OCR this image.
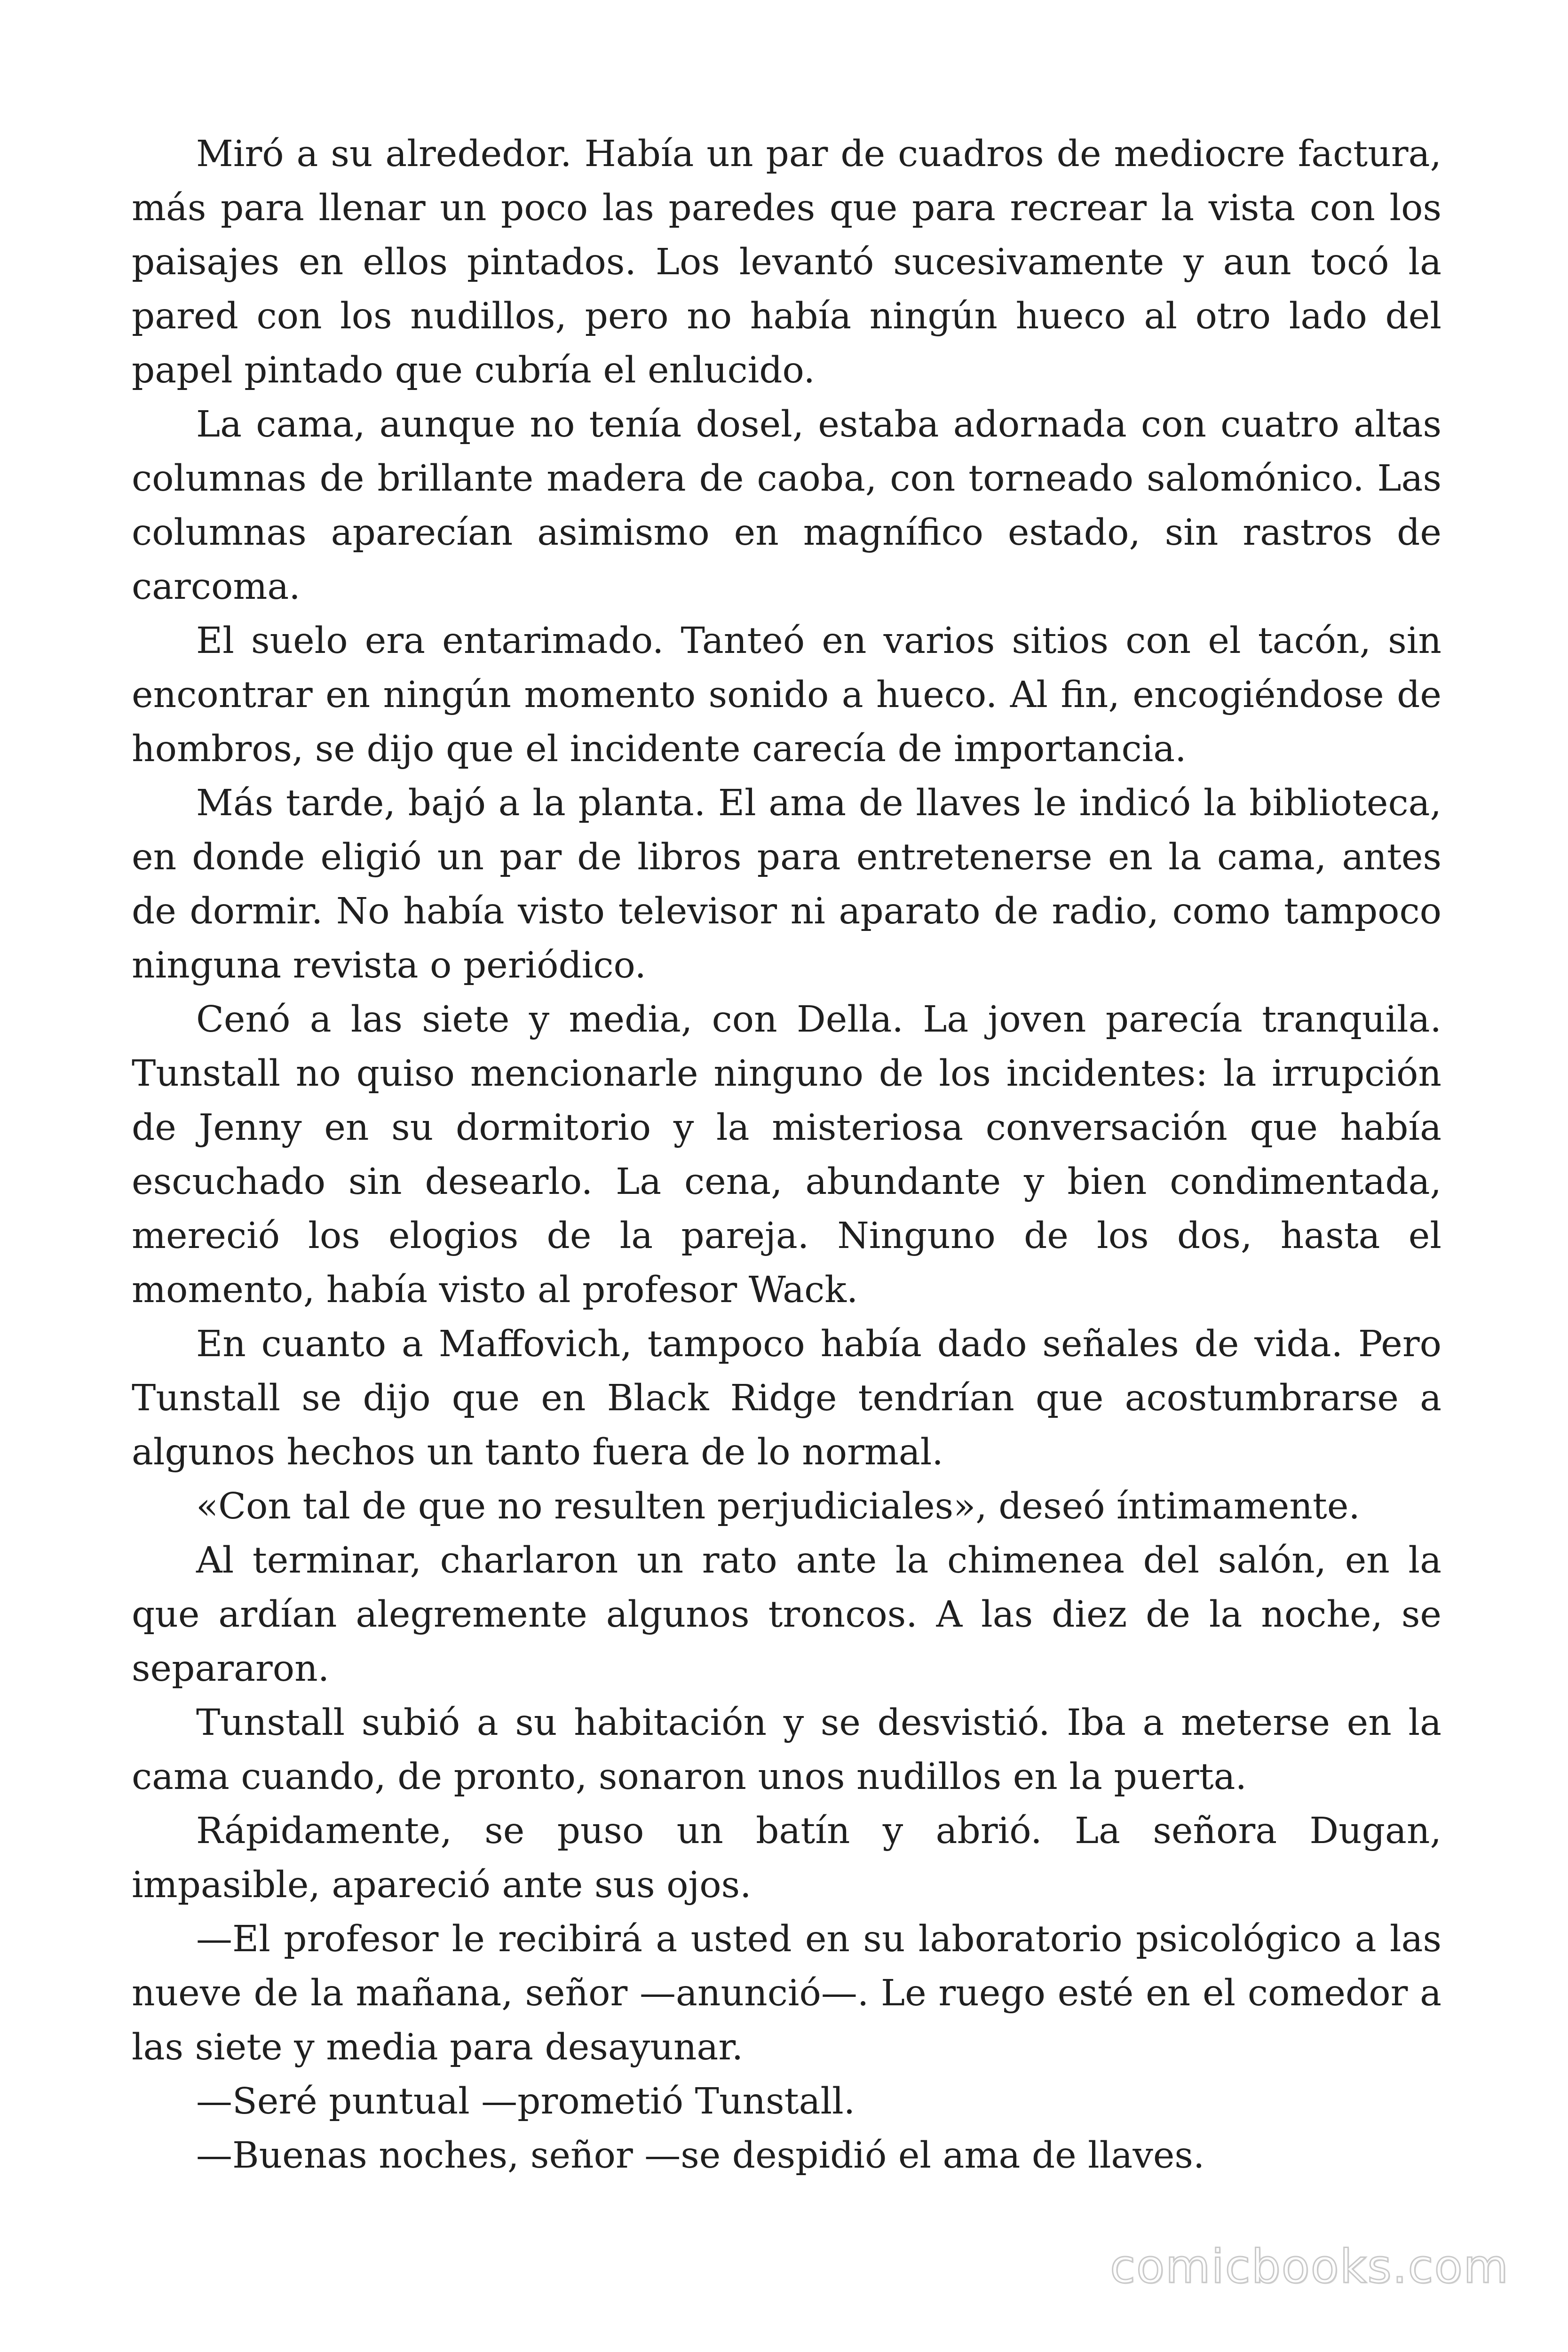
Miró a su alrededor. Había un par de cuadros de mediocre factura, más para llenar un poco las paredes que para recrear la vista con los paisajes en ellos pintados. Los levantó sucesivamente y aun tocó la pared con los nudillos, pero no había ningún hueco al otro lado del papel pintado que cubría el enlucido.

La cama, aunque no tenía dosel, estaba adornada con cuatro altas columnas de brillante madera de caoba, con torneado salomónico. Las columnas aparecían asimismo en magnífico estado, sin rastros de carcoma.

El suelo era entarimado. Tanteó en varios sitios con el tacón, sin encontrar en ningún momento sonido a hueco. Al fin, encogiéndose de hombros, se dijo que el incidente carecía de importancia.

Más tarde, bajó a la planta. El ama de llaves le indicó la biblioteca, en donde eligió un par de libros para entretenerse en la cama, antes de dormir. No había visto televisor ni aparato de radio, como tampoco ninguna revista o periódico.

Cenó a las siete y media, con Della. La joven parecía tranquila. Tunstall no quiso mencionarle ninguno de los incidentes: la irrupción de Jenny en su dormitorio y la misteriosa conversación que había escuchado sin desearlo. La cena, abundante y bien condimentada, mereció los elogios de la pareja. Ninguno de los dos, hasta el momento, había visto al profesor Wack.

En cuanto a Maffovich, tampoco había dado señales de vida. Pero Tunstall se dijo que en Black Ridge tendrían que acostumbrarse a algunos hechos un tanto fuera de lo normal.

«Con tal de que no resulten perjudiciales», deseó íntimamente.

Al terminar, charlaron un rato ante la chimenea del salón, en la que ardían alegremente algunos troncos. A las diez de la noche, se separaron.

Tunstall subió a su habitación y se desvistió. Iba a meterse en la cama cuando, de pronto, sonaron unos nudillos en la puerta.

Rápidamente, se puso un batín y abrió. La señora Dugan, impasible, apareció ante sus ojos.

—El profesor le recibirá a usted en su laboratorio psicológico a las nueve de la mañana, señor —anunció—. Le ruego esté en el comedor a las siete y media para desayunar.

—Seré puntual —prometió Tunstall.

—Buenas noches, señor —se despidió el ama de llaves.

comicbooks.com
